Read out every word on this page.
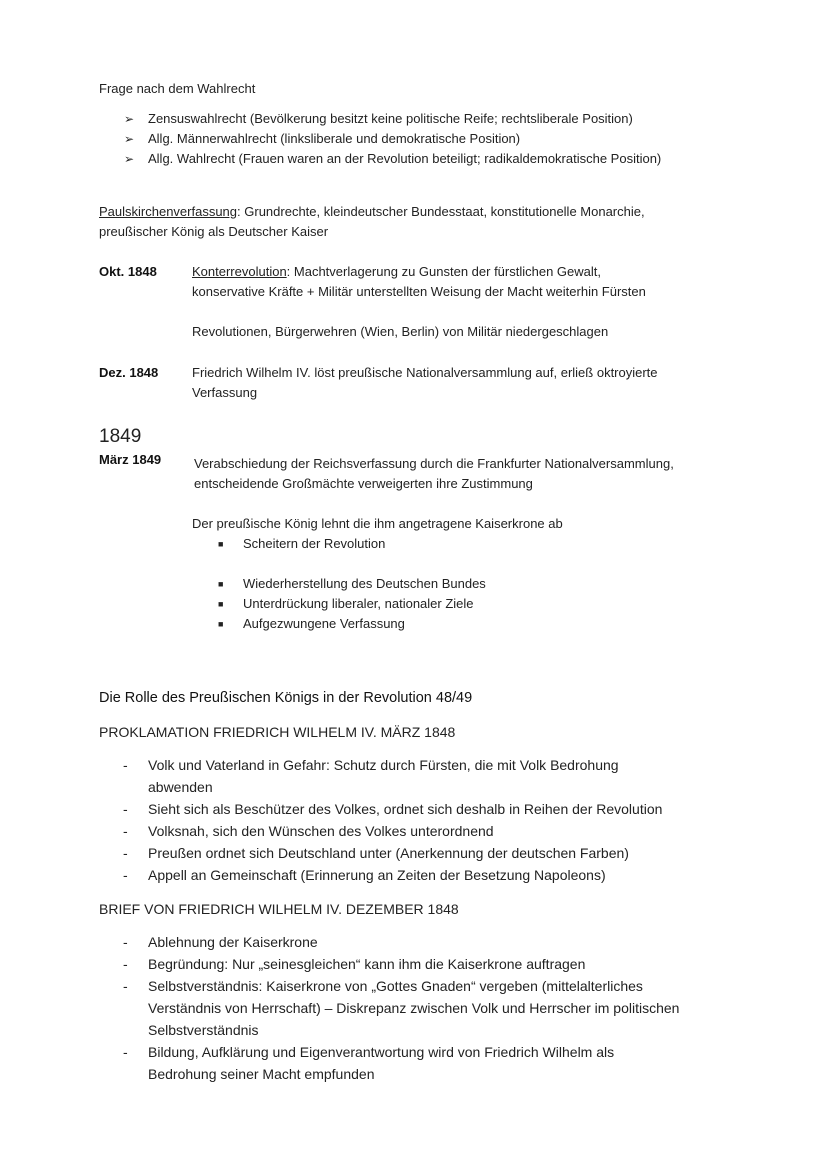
Frage nach dem Wahlrecht
➢ Zensuswahlrecht (Bevölkerung besitzt keine politische Reife; rechtsliberale Position)
➢ Allg. Männerwahlrecht (linksliberale und demokratische Position)
➢ Allg. Wahlrecht (Frauen waren an der Revolution beteiligt; radikaldemokratische Position)
Paulskirchenverfassung: Grundrechte, kleindeutscher Bundesstaat, konstitutionelle Monarchie,
preußischer König als Deutscher Kaiser
Okt. 1848	Konterrevolution: Machtverlagerung zu Gunsten der fürstlichen Gewalt,
konservative Kräfte + Militär unterstellten Weisung der Macht weiterhin Fürsten
Revolutionen, Bürgerwehren (Wien, Berlin) von Militär niedergeschlagen
Dez. 1848	Friedrich Wilhelm IV. löst preußische Nationalversammlung auf, erließ oktroyierte
Verfassung
1849
März 1849	Verabschiedung der Reichsverfassung durch die Frankfurter Nationalversammlung,
entscheidende Großmächte verweigerten ihre Zustimmung
Der preußische König lehnt die ihm angetragene Kaiserkrone ab
■ Scheitern der Revolution
■ Wiederherstellung des Deutschen Bundes
■ Unterdrückung liberaler, nationaler Ziele
■ Aufgezwungene Verfassung
Die Rolle des Preußischen Königs in der Revolution 48/49
PROKLAMATION FRIEDRICH WILHELM IV. MÄRZ 1848
- Volk und Vaterland in Gefahr: Schutz durch Fürsten, die mit Volk Bedrohung
abwenden
- Sieht sich als Beschützer des Volkes, ordnet sich deshalb in Reihen der Revolution
- Volksnah, sich den Wünschen des Volkes unterordnend
- Preußen ordnet sich Deutschland unter (Anerkennung der deutschen Farben)
- Appell an Gemeinschaft (Erinnerung an Zeiten der Besetzung Napoleons)
BRIEF VON FRIEDRICH WILHELM IV. DEZEMBER 1848
- Ablehnung der Kaiserkrone
- Begründung: Nur „seinesgleichen“ kann ihm die Kaiserkrone auftragen
- Selbstverständnis: Kaiserkrone von „Gottes Gnaden“ vergeben (mittelalterliches
Verständnis von Herrschaft) – Diskrepanz zwischen Volk und Herrscher im politischen
Selbstverständnis
- Bildung, Aufklärung und Eigenverantwortung wird von Friedrich Wilhelm als
Bedrohung seiner Macht empfunden
